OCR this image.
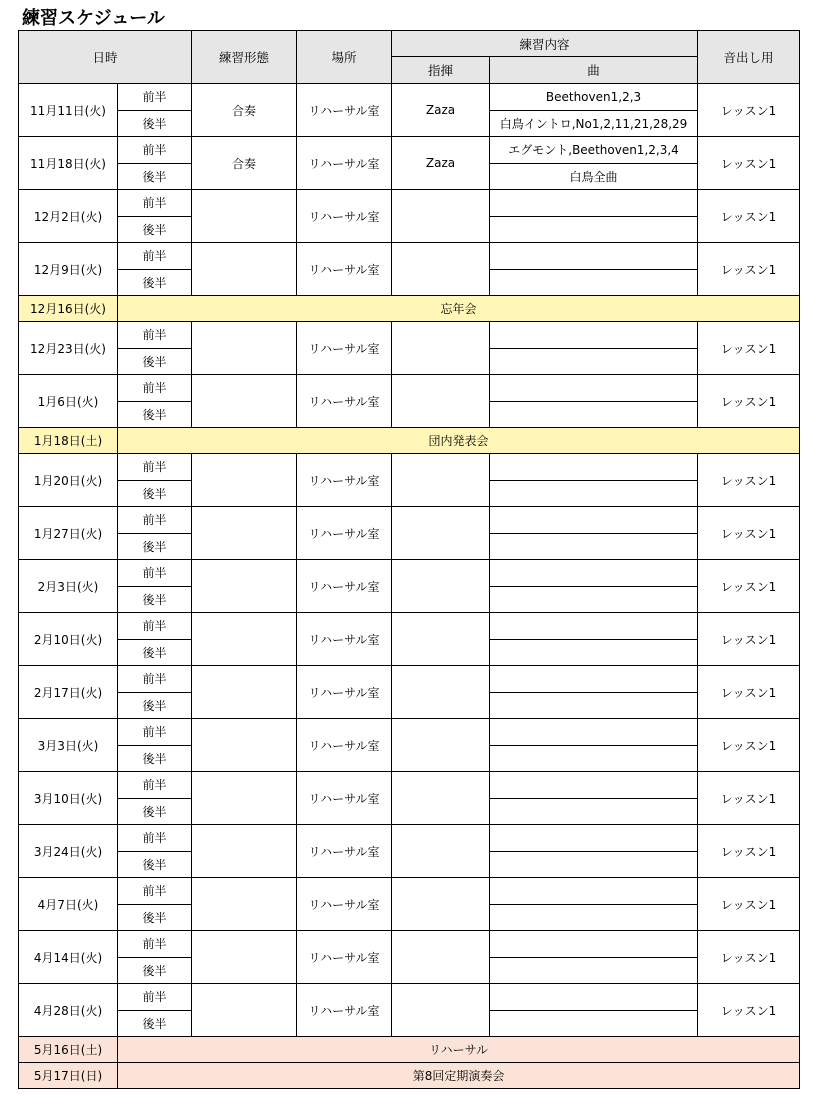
練習スケジュール
日時		練習形態	場所	練習内容		音出し用
				指揮	曲	
11月11日(火)	前半	合奏	リハーサル室	Zaza	Beethoven1,2,3	レッスン1
	後半				白鳥イントロ,No1,2,11,21,28,29	
11月18日(火)	前半	合奏	リハーサル室	Zaza	エグモント,Beethoven1,2,3,4	レッスン1
	後半				白鳥全曲	
12月2日(火)	前半		リハーサル室			レッスン1
	後半					
12月9日(火)	前半		リハーサル室			レッスン1
	後半					
12月16日(火)	忘年会					
12月23日(火)	前半		リハーサル室			レッスン1
	後半					
1月6日(火)	前半		リハーサル室			レッスン1
	後半					
1月18日(土)	団内発表会					
1月20日(火)	前半		リハーサル室			レッスン1
	後半					
1月27日(火)	前半		リハーサル室			レッスン1
	後半					
2月3日(火)	前半		リハーサル室			レッスン1
	後半					
2月10日(火)	前半		リハーサル室			レッスン1
	後半					
2月17日(火)	前半		リハーサル室			レッスン1
	後半					
3月3日(火)	前半		リハーサル室			レッスン1
	後半					
3月10日(火)	前半		リハーサル室			レッスン1
	後半					
3月24日(火)	前半		リハーサル室			レッスン1
	後半					
4月7日(火)	前半		リハーサル室			レッスン1
	後半					
4月14日(火)	前半		リハーサル室			レッスン1
	後半					
4月28日(火)	前半		リハーサル室			レッスン1
	後半					
5月16日(土)	リハーサル					
5月17日(日)	第8回定期演奏会					
